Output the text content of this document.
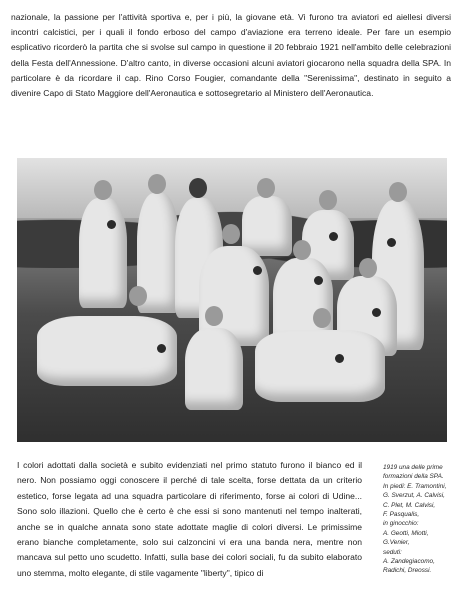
nazionale, la passione per l'attività sportiva e, per i più, la giovane età. Vi furono tra aviatori ed aiellesi diversi incontri calcistici, per i quali il fondo erboso del campo d'aviazione era terreno ideale. Per fare un esempio esplicativo ricorderò la partita che si svolse sul campo in questione il 20 febbraio 1921 nell'ambito delle celebrazioni della Festa dell'Annessione. D'altro canto, in diverse occasioni alcuni aviatori giocarono nella squadra della SPA. In particolare è da ricordare il cap. Rino Corso Fougier, comandante della "Serenissima", destinato in seguito a divenire Capo di Stato Maggiore dell'Aeronautica e sottosegretario al Ministero dell'Aeronautica.

I colori adottati dalla società e subito evidenziati nel primo statuto furono il bianco ed il nero. Non possiamo oggi conoscere il perché di tale scelta, forse dettata da un criterio estetico, forse legata ad una squadra particolare di riferimento, forse ai colori di Udine... Sono solo illazioni. Quello che è certo è che essi si sono mantenuti nel tempo inalterati, anche se in qualche annata sono state adottate maglie di colori diversi. Le primissime erano bianche completamente, solo sui calzoncini vi era una banda nera, mentre non mancava sul petto uno scudetto. Infatti, sulla base dei colori sociali, fu da subito elaborato uno stemma, molto elegante, di stile vagamente "liberty", tipico di

1919 una delle prime
formazioni della SPA.
In piedi: E. Tramontini,
G. Sverzut, A. Calvisi,
C. Plet, M. Calvisi,
F. Pasqualis,
in ginocchio:
A. Geotti, Miotti,
G.Venier,
seduti:
A. Zandegiacomo,
Radichi, Dreossi.
